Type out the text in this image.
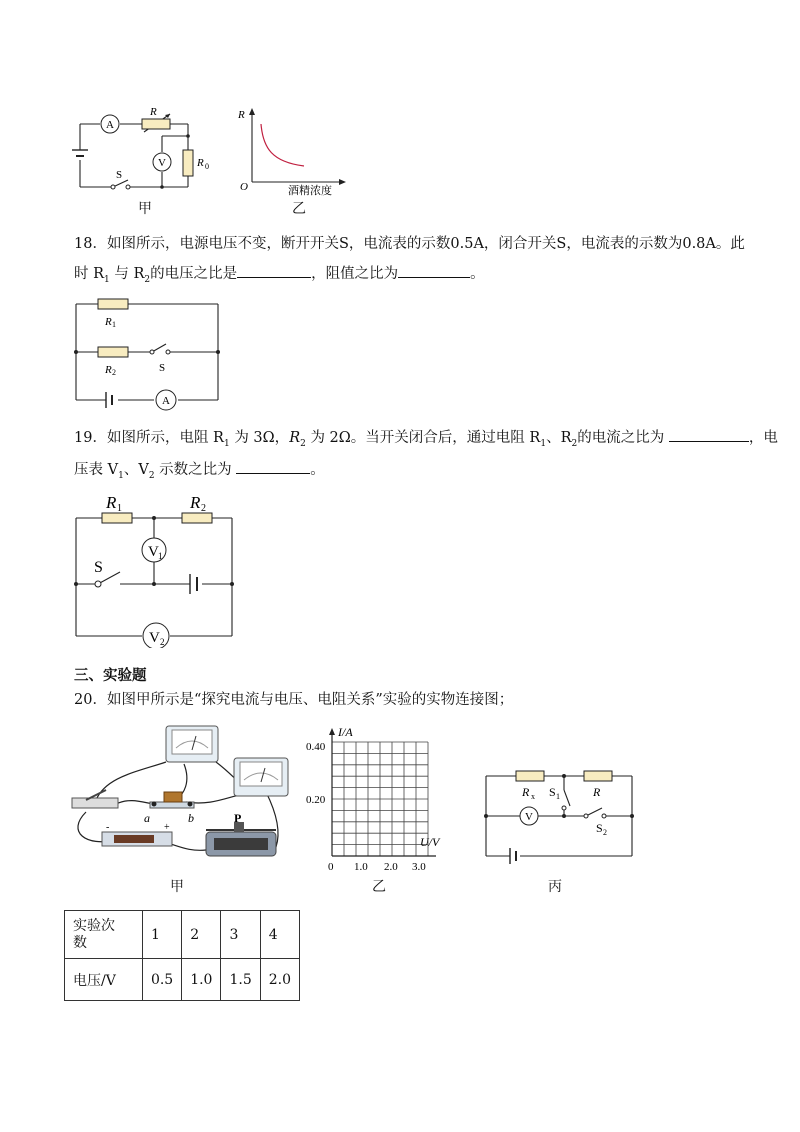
A
V
R
R 0
S
甲
R
O	酒精浓度
乙
18．如图所示，电源电压不变，断开开关S，电流表的示数0.5A，闭合开关S，电流表的示数为0.8A。此
时 $R_1$ 与 $R_2$的电压之比是	，阻值之比为	。
A
R 1
R 2	S
19．如图所示，电阻 $R_1$ 为 3Ω，$R_2$ 为 2Ω。当开关闭合后，通过电阻 $R_1$、$R_2$的电流之比为	，电
压表 $V_1$、$V_2$ 示数之比为	。
V 1
V 2
R 1	R 2
S
三、实验题
20．如图甲所示是“探究电流与电压、电阻关系”实验的实物连接图；
a	b	P
-	+
甲
I/A
U/V
0.40
0.20
0 1.0 2.0 3.0
乙
V
R x S 1	R
S 2
丙
实验次
数	1	2	3	4
电压/V	0.5	1.0	1.5	2.0
